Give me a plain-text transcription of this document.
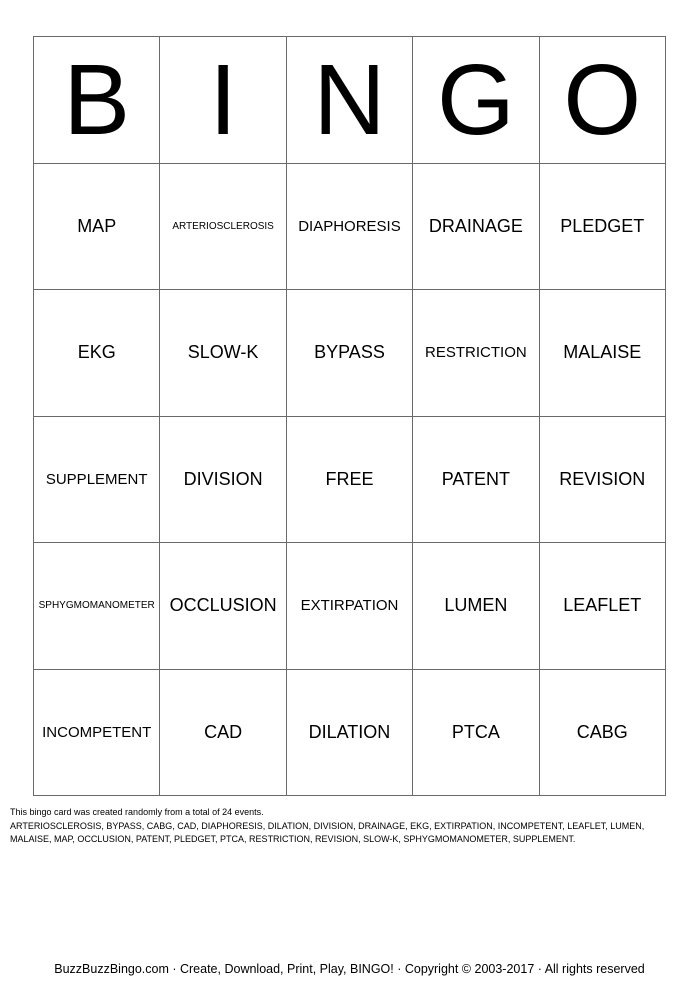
B	I	N	G	O
MAP	ARTERIOSCLEROSIS	DIAPHORESIS	DRAINAGE	PLEDGET
EKG	SLOW-K	BYPASS	RESTRICTION	MALAISE
SUPPLEMENT	DIVISION	FREE	PATENT	REVISION
SPHYGMOMANOMETER	OCCLUSION	EXTIRPATION	LUMEN	LEAFLET
INCOMPETENT	CAD	DILATION	PTCA	CABG
This bingo card was created randomly from a total of 24 events.
ARTERIOSCLEROSIS, BYPASS, CABG, CAD, DIAPHORESIS, DILATION, DIVISION, DRAINAGE, EKG, EXTIRPATION, INCOMPETENT, LEAFLET, LUMEN,
MALAISE, MAP, OCCLUSION, PATENT, PLEDGET, PTCA, RESTRICTION, REVISION, SLOW-K, SPHYGMOMANOMETER, SUPPLEMENT.
BuzzBuzzBingo.com · Create, Download, Print, Play, BINGO! · Copyright © 2003-2017 · All rights reserved
